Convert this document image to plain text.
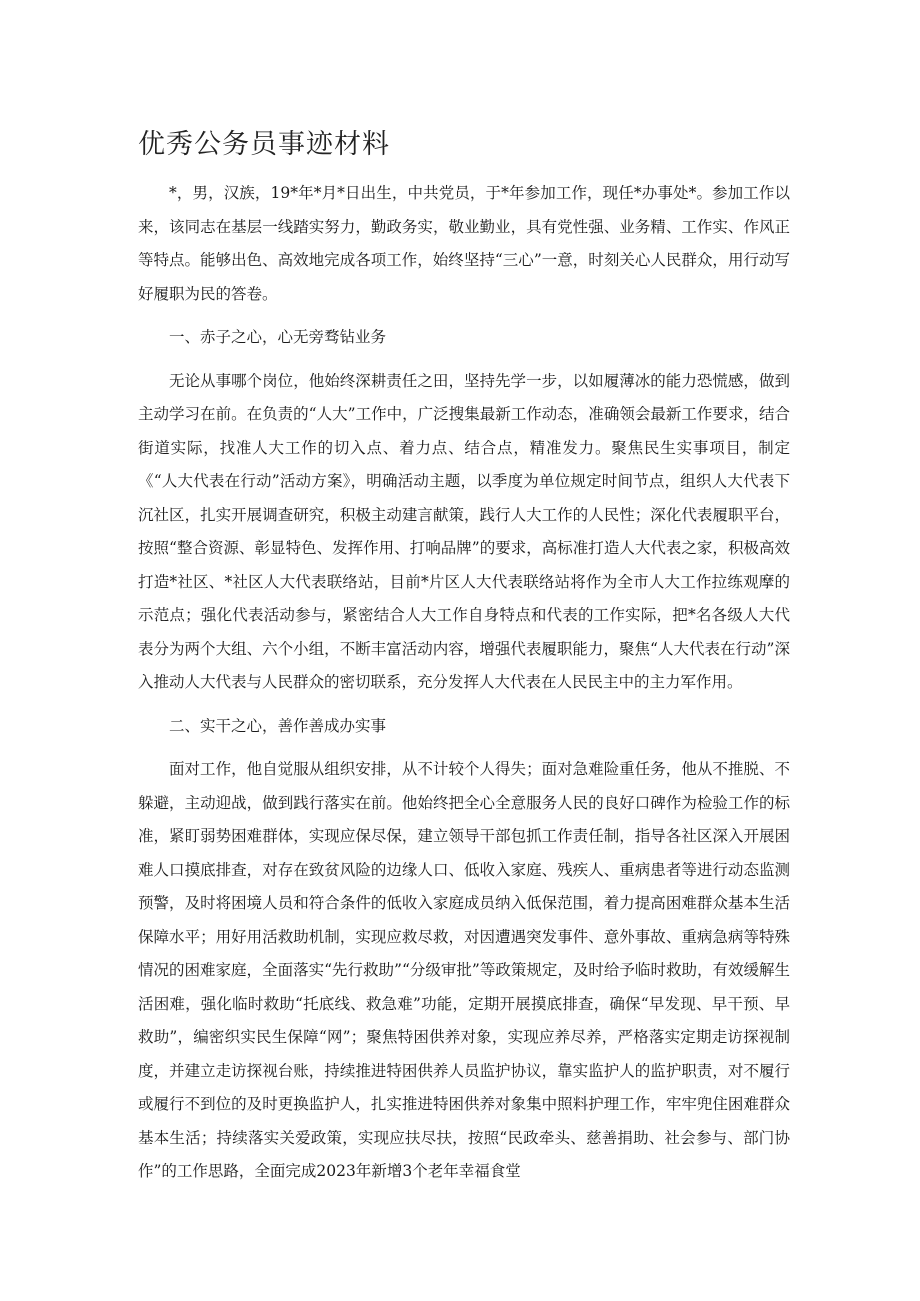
优秀公务员事迹材料

*，男，汉族，19*年*月*日出生，中共党员，于*年参加工作，现任*办事处*。参加工作以来，该同志在基层一线踏实努力，勤政务实，敬业勤业，具有党性强、业务精、工作实、作风正等特点。能够出色、高效地完成各项工作，始终坚持“三心”一意，时刻关心人民群众，用行动写好履职为民的答卷。

一、赤子之心，心无旁骛钻业务

无论从事哪个岗位，他始终深耕责任之田，坚持先学一步，以如履薄冰的能力恐慌感，做到主动学习在前。在负责的“人大”工作中，广泛搜集最新工作动态，准确领会最新工作要求，结合街道实际，找准人大工作的切入点、着力点、结合点，精准发力。聚焦民生实事项目，制定《“人大代表在行动”活动方案》，明确活动主题，以季度为单位规定时间节点，组织人大代表下沉社区，扎实开展调查研究，积极主动建言献策，践行人大工作的人民性；深化代表履职平台，按照“整合资源、彰显特色、发挥作用、打响品牌”的要求，高标准打造人大代表之家，积极高效打造*社区、*社区人大代表联络站，目前*片区人大代表联络站将作为全市人大工作拉练观摩的示范点；强化代表活动参与，紧密结合人大工作自身特点和代表的工作实际，把*名各级人大代表分为两个大组、六个小组，不断丰富活动内容，增强代表履职能力，聚焦“人大代表在行动”深入推动人大代表与人民群众的密切联系，充分发挥人大代表在人民民主中的主力军作用。

二、实干之心，善作善成办实事

面对工作，他自觉服从组织安排，从不计较个人得失；面对急难险重任务，他从不推脱、不躲避，主动迎战，做到践行落实在前。他始终把全心全意服务人民的良好口碑作为检验工作的标准，紧盯弱势困难群体，实现应保尽保，建立领导干部包抓工作责任制，指导各社区深入开展困难人口摸底排查，对存在致贫风险的边缘人口、低收入家庭、残疾人、重病患者等进行动态监测预警，及时将困境人员和符合条件的低收入家庭成员纳入低保范围，着力提高困难群众基本生活保障水平；用好用活救助机制，实现应救尽救，对因遭遇突发事件、意外事故、重病急病等特殊情况的困难家庭，全面落实“先行救助”“分级审批”等政策规定，及时给予临时救助，有效缓解生活困难，强化临时救助“托底线、救急难”功能，定期开展摸底排查，确保“早发现、早干预、早救助”，编密织实民生保障“网”；聚焦特困供养对象，实现应养尽养，严格落实定期走访探视制度，并建立走访探视台账，持续推进特困供养人员监护协议，靠实监护人的监护职责，对不履行或履行不到位的及时更换监护人，扎实推进特困供养对象集中照料护理工作，牢牢兜住困难群众基本生活；持续落实关爱政策，实现应扶尽扶，按照“民政牵头、慈善捐助、社会参与、部门协作”的工作思路，全面完成2023年新增3个老年幸福食堂
